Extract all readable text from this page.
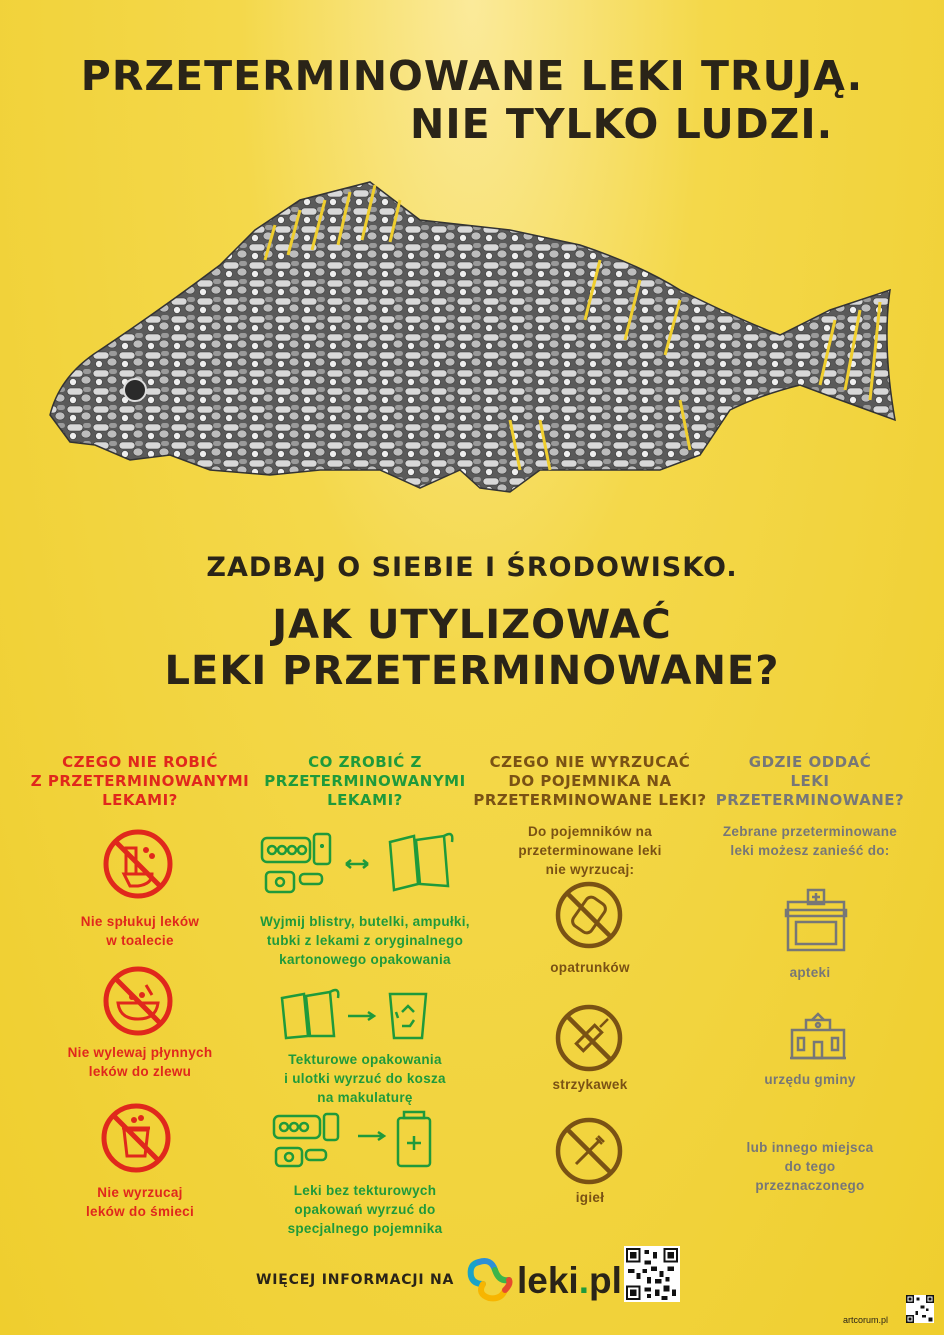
PRZETERMINOWANE LEKI TRUJĄ.
NIE TYLKO LUDZI.
ZADBAJ O SIEBIE I ŚRODOWISKO.
JAK UTYLIZOWAĆ
LEKI PRZETERMINOWANE?
CZEGO NIE ROBIĆ
Z PRZETERMINOWANYMI
LEKAMI?
Nie spłukuj leków
w toalecie
Nie wylewaj płynnych
leków do zlewu
Nie wyrzucaj
leków do śmieci
CO ZROBIĆ Z
PRZETERMINOWANYMI
LEKAMI?
Wyjmij blistry, butelki, ampułki,
tubki z lekami z oryginalnego
kartonowego opakowania
Tekturowe opakowania
i ulotki wyrzuć do kosza
na makulaturę
Leki bez tekturowych
opakowań wyrzuć do
specjalnego pojemnika
CZEGO NIE WYRZUCAĆ
DO POJEMNIKA NA
PRZETERMINOWANE LEKI?
Do pojemników na
przeterminowane leki
nie wyrzucaj:
opatrunków
strzykawek
igieł
GDZIE ODDAĆ
LEKI
PRZETERMINOWANE?
Zebrane przeterminowane
leki możesz zanieść do:
apteki
urzędu gminy
lub innego miejsca
do tego
przeznaczonego
WIĘCEJ INFORMACJI NA leki.pl
artcorum.pl
